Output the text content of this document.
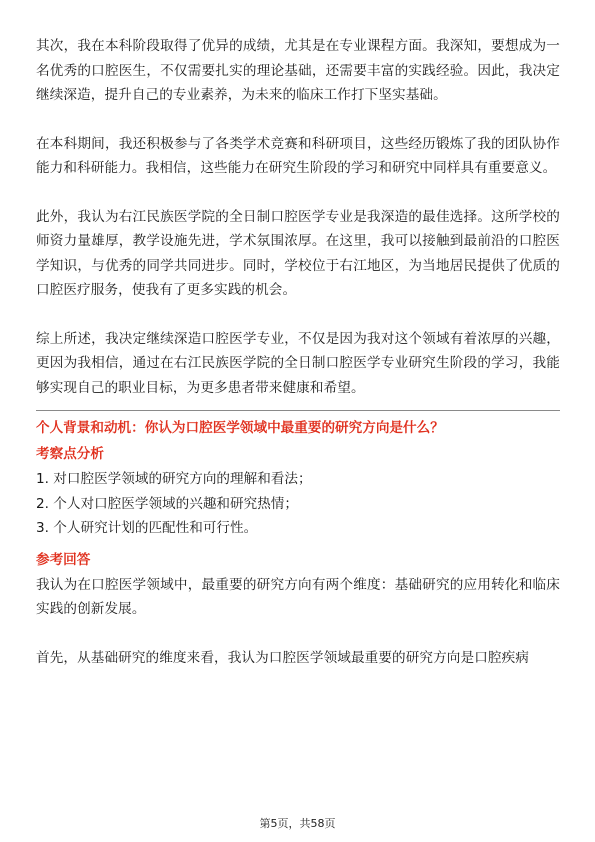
其次，我在本科阶段取得了优异的成绩，尤其是在专业课程方面。我深知，要想成为一名优秀的口腔医生，不仅需要扎实的理论基础，还需要丰富的实践经验。因此，我决定继续深造，提升自己的专业素养，为未来的临床工作打下坚实基础。

在本科期间，我还积极参与了各类学术竞赛和科研项目，这些经历锻炼了我的团队协作能力和科研能力。我相信，这些能力在研究生阶段的学习和研究中同样具有重要意义。

此外，我认为右江民族医学院的全日制口腔医学专业是我深造的最佳选择。这所学校的师资力量雄厚，教学设施先进，学术氛围浓厚。在这里，我可以接触到最前沿的口腔医学知识，与优秀的同学共同进步。同时，学校位于右江地区，为当地居民提供了优质的口腔医疗服务，使我有了更多实践的机会。

综上所述，我决定继续深造口腔医学专业，不仅是因为我对这个领域有着浓厚的兴趣，更因为我相信，通过在右江民族医学院的全日制口腔医学专业研究生阶段的学习，我能够实现自己的职业目标，为更多患者带来健康和希望。

个人背景和动机：你认为口腔医学领域中最重要的研究方向是什么？

考察点分析

1. 对口腔医学领域的研究方向的理解和看法；

2. 个人对口腔医学领域的兴趣和研究热情；

3. 个人研究计划的匹配性和可行性。

参考回答

我认为在口腔医学领域中，最重要的研究方向有两个维度：基础研究的应用转化和临床实践的创新发展。

首先，从基础研究的维度来看，我认为口腔医学领域最重要的研究方向是口腔疾病

第5页，共58页
